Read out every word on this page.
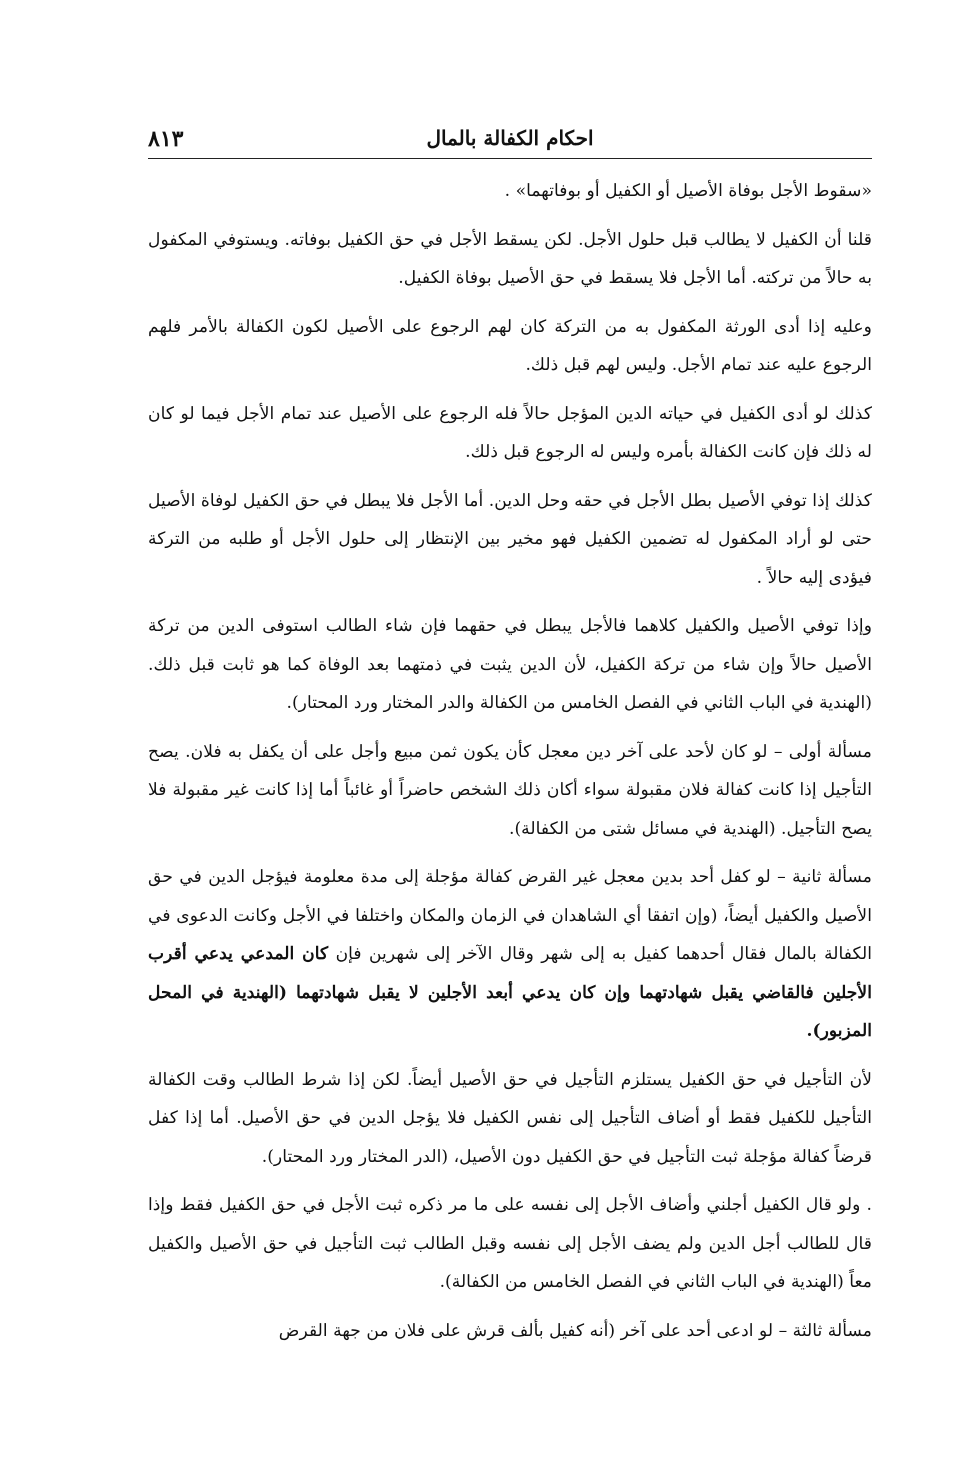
٨١٣	احكام الكفالة بالمال

«سقوط الأجل بوفاة الأصيل أو الكفيل أو بوفاتهما» .

قلنا أن الكفيل لا يطالب قبل حلول الأجل. لكن يسقط الأجل في حق الكفيل بوفاته. ويستوفي المكفول به حالاً من تركته. أما الأجل فلا يسقط في حق الأصيل بوفاة الكفيل.

وعليه إذا أدى الورثة المكفول به من التركة كان لهم الرجوع على الأصيل لكون الكفالة بالأمر فلهم الرجوع عليه عند تمام الأجل. وليس لهم قبل ذلك.

كذلك لو أدى الكفيل في حياته الدين المؤجل حالاً فله الرجوع على الأصيل عند تمام الأجل فيما لو كان له ذلك فإن كانت الكفالة بأمره وليس له الرجوع قبل ذلك.

كذلك إذا توفي الأصيل بطل الأجل في حقه وحل الدين. أما الأجل فلا يبطل في حق الكفيل لوفاة الأصيل حتى لو أراد المكفول له تضمين الكفيل فهو مخير بين الإنتظار إلى حلول الأجل أو طلبه من التركة فيؤدى إليه حالاً .

وإذا توفي الأصيل والكفيل كلاهما فالأجل يبطل في حقهما فإن شاء الطالب استوفى الدين من تركة الأصيل حالاً وإن شاء من تركة الكفيل، لأن الدين يثبت في ذمتهما بعد الوفاة كما هو ثابت قبل ذلك. (الهندية في الباب الثاني في الفصل الخامس من الكفالة والدر المختار ورد المحتار).

مسألة أولى – لو كان لأحد على آخر دين معجل كأن يكون ثمن مبيع وأجل على أن يكفل به فلان. يصح التأجيل إذا كانت كفالة فلان مقبولة سواء أكان ذلك الشخص حاضراً أو غائباً أما إذا كانت غير مقبولة فلا يصح التأجيل. (الهندية في مسائل شتى من الكفالة).

مسألة ثانية – لو كفل أحد بدين معجل غير القرض كفالة مؤجلة إلى مدة معلومة فيؤجل الدين في حق الأصيل والكفيل أيضاً، (وإن اتفقا أي الشاهدان في الزمان والمكان واختلفا في الأجل وكانت الدعوى في الكفالة بالمال فقال أحدهما كفيل به إلى شهر وقال الآخر إلى شهرين فإن كان المدعي يدعي أقرب الأجلين فالقاضي يقبل شهادتهما وإن كان يدعي أبعد الأجلين لا يقبل شهادتهما (الهندية في المحل المزبور).

لأن التأجيل في حق الكفيل يستلزم التأجيل في حق الأصيل أيضاً. لكن إذا شرط الطالب وقت الكفالة التأجيل للكفيل فقط أو أضاف التأجيل إلى نفس الكفيل فلا يؤجل الدين في حق الأصيل. أما إذا كفل قرضاً كفالة مؤجلة ثبت التأجيل في حق الكفيل دون الأصيل، (الدر المختار ورد المحتار).

. ولو قال الكفيل أجلني وأضاف الأجل إلى نفسه على ما مر ذكره ثبت الأجل في حق الكفيل فقط وإذا قال للطالب أجل الدين ولم يضف الأجل إلى نفسه وقبل الطالب ثبت التأجيل في حق الأصيل والكفيل معاً (الهندية في الباب الثاني في الفصل الخامس من الكفالة).

مسألة ثالثة – لو ادعى أحد على آخر (أنه كفيل بألف قرش على فلان من جهة القرض
